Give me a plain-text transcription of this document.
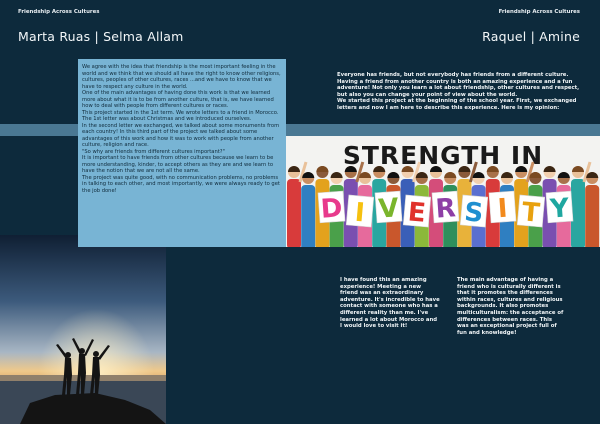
Friendship Across Cultures	Friendship Across Cultures
Marta Ruas | Selma Allam	Raquel | Amine

We agree with the idea that friendship is the most important feeling in the world and we think that we should all have the right to know other religions, cultures, peoples of other cultures, races ...and we have to know that we have to respect any culture in the world.

One of the main advantages of having done this work is that we learned more about what it is to be from another culture, that is, we have learned how to deal with people from different cultures or races.

This project started in the 1st term. We wrote letters to a friend in Morocco. The 1st letter was about Christmas and we introduced ourselves.

In the second letter we exchanged, we talked about some monuments from each country! In this third part of the project we talked about some advantages of this work and how it was to work with people from another culture, religion and race.

"So why are friends from different cultures important?"

It is important to have friends from other cultures because we learn to be more understanding, kinder, to accept others as they are and we learn to have the notion that we are not all the same.

The project was quite good, with no communication problems, no problems in talking to each other, and most importantly, we were always ready to get the job done!

Everyone has friends, but not everybody has friends from a different culture. Having a friend from another country is both an amazing experience and a fun adventure! Not only you learn a lot about friendship, other cultures and respect, but also you can change your point of view about the world.

We started this project at the beginning of the school year. First, we exchanged letters and now I am here to describe this experience. Here is my opinion:

D I V E R S I T Y
STRENGTH IN

I have found this an amazing experience! Meeting a new friend was an extraordinary adventure. It's incredible to have contact with someone who has a different reality than me. I've learned a lot about Morocco and I would love to visit it!

The main advantage of having a friend who is culturally different is that it promotes the differences within races, cultures and religious backgrounds. It also promotes multiculturalism: the acceptance of differences between races. This was an exceptional project full of fun and knowledge!
